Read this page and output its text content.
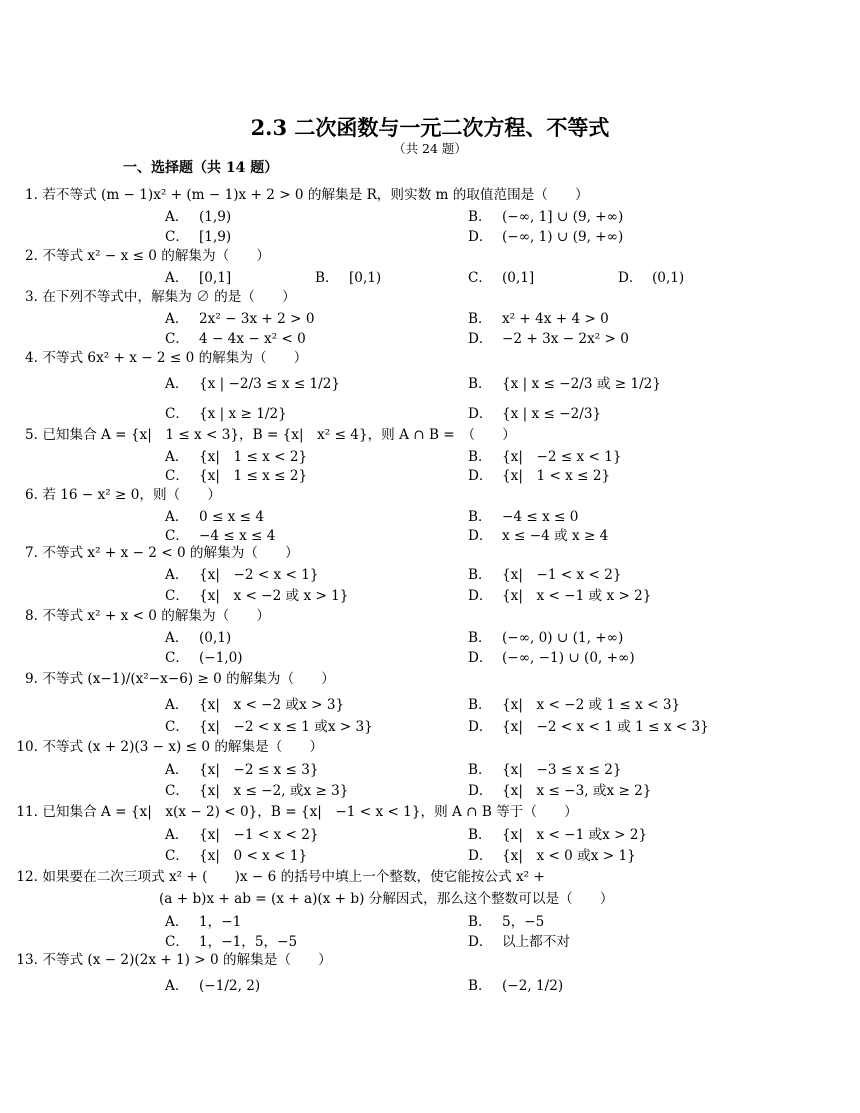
2.3 二次函数与一元二次方程、不等式
（共 24 题）
一、选择题（共 14 题）
1. 若不等式 (m − 1)x² + (m − 1)x + 2 > 0 的解集是 R，则实数 m 的取值范围是（　　）
A． (1,9)	B． (−∞, 1] ∪ (9, +∞)
C． [1,9)	D． (−∞, 1) ∪ (9, +∞)
2. 不等式 x² − x ≤ 0 的解集为（　　）
A． [0,1]	B． [0,1)	C． (0,1]	D． (0,1)
3. 在下列不等式中，解集为 ∅ 的是（　　）
A． 2x² − 3x + 2 > 0	B． x² + 4x + 4 > 0
C． 4 − 4x − x² < 0	D． −2 + 3x − 2x² > 0
4. 不等式 6x² + x − 2 ≤ 0 的解集为（　　）
A． {x | −2/3 ≤ x ≤ 1/2}	B． {x | x ≤ −2/3 或 ≥ 1/2}
C． {x | x ≥ 1/2}	D． {x | x ≤ −2/3}
5. 已知集合 A = {x|　1 ≤ x < 3}，B = {x|　x² ≤ 4}，则 A ∩ B =　（　　）
A． {x|　1 ≤ x < 2}	B． {x|　−2 ≤ x < 1}
C． {x|　1 ≤ x ≤ 2}	D． {x|　1 < x ≤ 2}
6. 若 16 − x² ≥ 0，则（　　）
A． 0 ≤ x ≤ 4	B． −4 ≤ x ≤ 0
C． −4 ≤ x ≤ 4	D． x ≤ −4 或 x ≥ 4
7. 不等式 x² + x − 2 < 0 的解集为（　　）
A． {x|　−2 < x < 1}	B． {x|　−1 < x < 2}
C． {x|　x < −2 或 x > 1}	D． {x|　x < −1 或 x > 2}
8. 不等式 x² + x < 0 的解集为（　　）
A． (0,1)	B． (−∞, 0) ∪ (1, +∞)
C． (−1,0)	D． (−∞, −1) ∪ (0, +∞)
9. 不等式 (x−1)/(x²−x−6) ≥ 0 的解集为（　　）
A． {x|　x < −2 或x > 3}	B． {x|　x < −2 或 1 ≤ x < 3}
C． {x|　−2 < x ≤ 1 或x > 3}	D． {x|　−2 < x < 1 或 1 ≤ x < 3}
10. 不等式 (x + 2)(3 − x) ≤ 0 的解集是（　　）
A． {x|　−2 ≤ x ≤ 3}	B． {x|　−3 ≤ x ≤ 2}
C． {x|　x ≤ −2, 或x ≥ 3}	D． {x|　x ≤ −3, 或x ≥ 2}
11. 已知集合 A = {x|　x(x − 2) < 0}，B = {x|　−1 < x < 1}，则 A ∩ B 等于（　　）
A． {x|　−1 < x < 2}	B． {x|　x < −1 或x > 2}
C． {x|　0 < x < 1}	D． {x|　x < 0 或x > 1}
12. 如果要在二次三项式 x² + (　　)x − 6 的括号中填上一个整数，使它能按公式 x² +
(a + b)x + ab = (x + a)(x + b) 分解因式，那么这个整数可以是（　　）
A． 1，−1	B． 5，−5
C． 1，−1，5，−5	D． 以上都不对
13. 不等式 (x − 2)(2x + 1) > 0 的解集是（　　）
A． (−1/2, 2)	B． (−2, 1/2)
